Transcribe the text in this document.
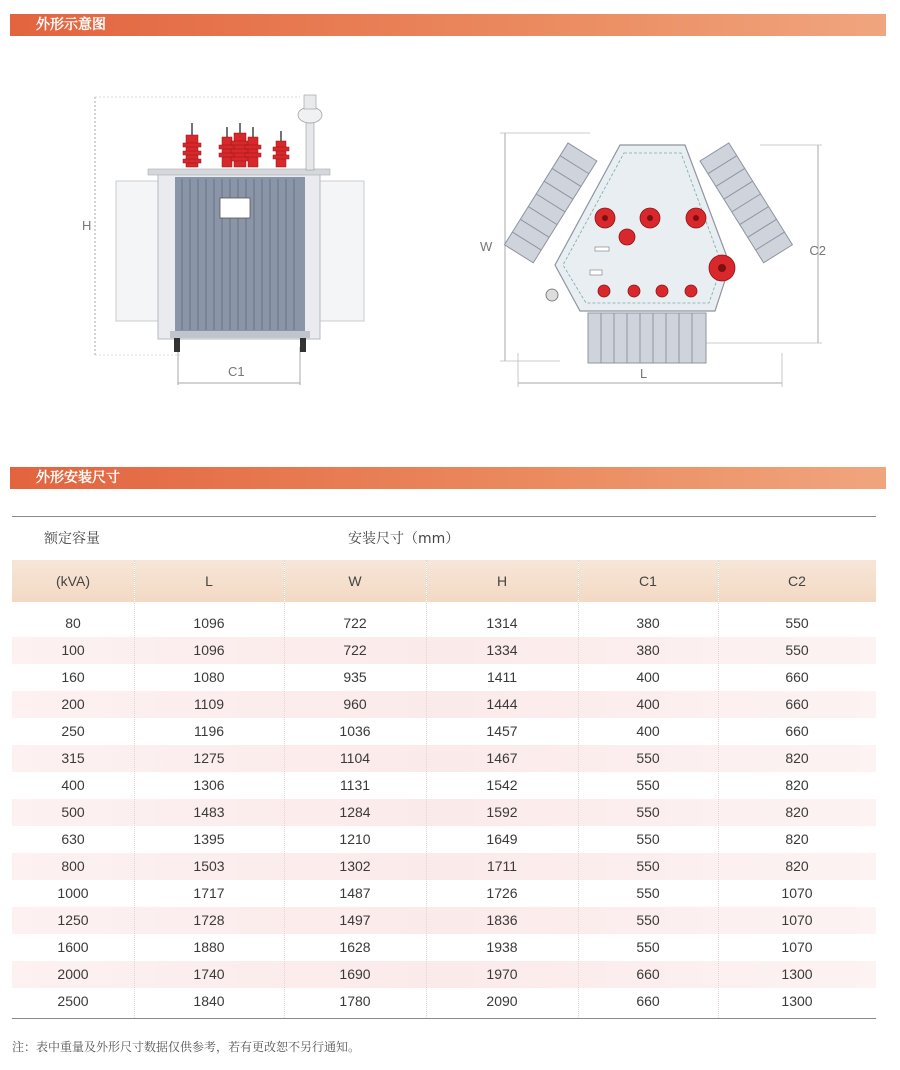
外形示意图
H
C1
W	C2
L
外形安装尺寸
额定容量	安装尺寸（mm）
(kVA)	L	W	H	C1	C2
80	1096	722	1314	380	550
100	1096	722	1334	380	550
160	1080	935	1411	400	660
200	1109	960	1444	400	660
250	1196	1036	1457	400	660
315	1275	1104	1467	550	820
400	1306	1131	1542	550	820
500	1483	1284	1592	550	820
630	1395	1210	1649	550	820
800	1503	1302	1711	550	820
1000	1717	1487	1726	550	1070
1250	1728	1497	1836	550	1070
1600	1880	1628	1938	550	1070
2000	1740	1690	1970	660	1300
2500	1840	1780	2090	660	1300
注：表中重量及外形尺寸数据仅供参考，若有更改恕不另行通知。
